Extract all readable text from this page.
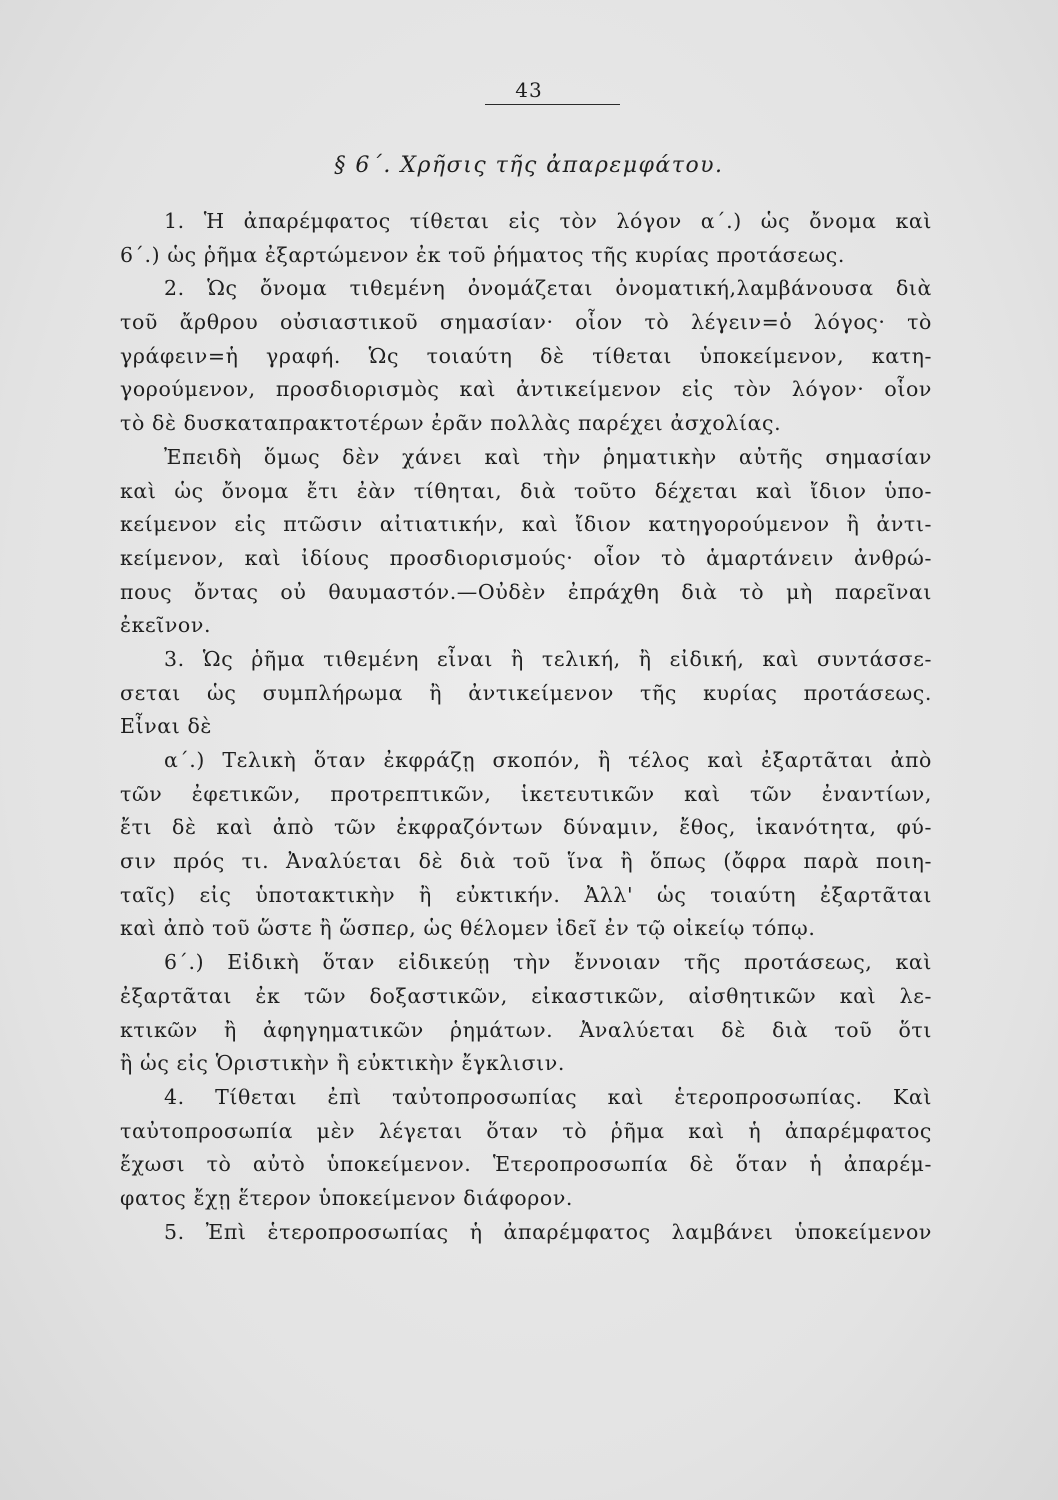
43
§ 6΄. Χρῆσις τῆς ἀπαρεμφάτου.
1. Ἡ ἀπαρέμφατος τίθεται εἰς τὸν λόγον α΄.) ὡς ὄνομα καὶ
6΄.) ὡς ῥῆμα ἐξαρτώμενον ἐκ τοῦ ῥήματος τῆς κυρίας προτάσεως.
2. Ὡς ὄνομα τιθεμένη ὀνομάζεται ὀνοματική,λαμβάνουσα διὰ
τοῦ ἄρθρου οὐσιαστικοῦ σημασίαν· οἷον τὸ λέγειν=ὁ λόγος· τὸ
γράφειν=ἡ γραφή. Ὡς τοιαύτη δὲ τίθεται ὑποκείμενον, κατη-
γορούμενον, προσδιορισμὸς καὶ ἀντικείμενον εἰς τὸν λόγον· οἷον
τὸ δὲ δυσκαταπρακτοτέρων ἐρᾶν πολλὰς παρέχει ἀσχολίας.
Ἐπειδὴ ὅμως δὲν χάνει καὶ τὴν ῥηματικὴν αὐτῆς σημασίαν
καὶ ὡς ὄνομα ἔτι ἐὰν τίθηται, διὰ τοῦτο δέχεται καὶ ἴδιον ὑπο-
κείμενον εἰς πτῶσιν αἰτιατικήν, καὶ ἴδιον κατηγορούμενον ἢ ἀντι-
κείμενον, καὶ ἰδίους προσδιορισμούς· οἷον τὸ ἁμαρτάνειν ἀνθρώ-
πους ὄντας οὐ θαυμαστόν.—Οὐδὲν ἐπράχθη διὰ τὸ μὴ παρεῖναι
ἐκεῖνον.
3. Ὡς ῥῆμα τιθεμένη εἶναι ἢ τελική, ἢ εἰδική, καὶ συντάσσε-
σεται ὡς συμπλήρωμα ἢ ἀντικείμενον τῆς κυρίας προτάσεως.
Εἶναι δὲ
α΄.) Τελικὴ ὅταν ἐκφράζῃ σκοπόν, ἢ τέλος καὶ ἐξαρτᾶται ἀπὸ
τῶν ἐφετικῶν, προτρεπτικῶν, ἱκετευτικῶν καὶ τῶν ἐναντίων,
ἔτι δὲ καὶ ἀπὸ τῶν ἐκφραζόντων δύναμιν, ἔθος, ἱκανότητα, φύ-
σιν πρός τι. Ἀναλύεται δὲ διὰ τοῦ ἵνα ἢ ὅπως (ὄφρα παρὰ ποιη-
ταῖς) εἰς ὑποτακτικὴν ἢ εὐκτικήν. Ἀλλ' ὡς τοιαύτη ἐξαρτᾶται
καὶ ἀπὸ τοῦ ὥστε ἢ ὥσπερ, ὡς θέλομεν ἰδεῖ ἐν τῷ οἰκείῳ τόπῳ.
6΄.) Εἰδικὴ ὅταν εἰδικεύῃ τὴν ἔννοιαν τῆς προτάσεως, καὶ
ἐξαρτᾶται ἐκ τῶν δοξαστικῶν, εἰκαστικῶν, αἰσθητικῶν καὶ λε-
κτικῶν ἢ ἀφηγηματικῶν ῥημάτων. Ἀναλύεται δὲ διὰ τοῦ ὅτι
ἢ ὡς εἰς Ὁριστικὴν ἢ εὐκτικὴν ἔγκλισιν.
4. Τίθεται ἐπὶ ταὐτοπροσωπίας καὶ ἑτεροπροσωπίας. Καὶ
ταὐτοπροσωπία μὲν λέγεται ὅταν τὸ ῥῆμα καὶ ἡ ἀπαρέμφατος
ἔχωσι τὸ αὐτὸ ὑποκείμενον. Ἑτεροπροσωπία δὲ ὅταν ἡ ἀπαρέμ-
φατος ἔχῃ ἕτερον ὑποκείμενον διάφορον.
5. Ἐπὶ ἑτεροπροσωπίας ἡ ἀπαρέμφατος λαμβάνει ὑποκείμενον
